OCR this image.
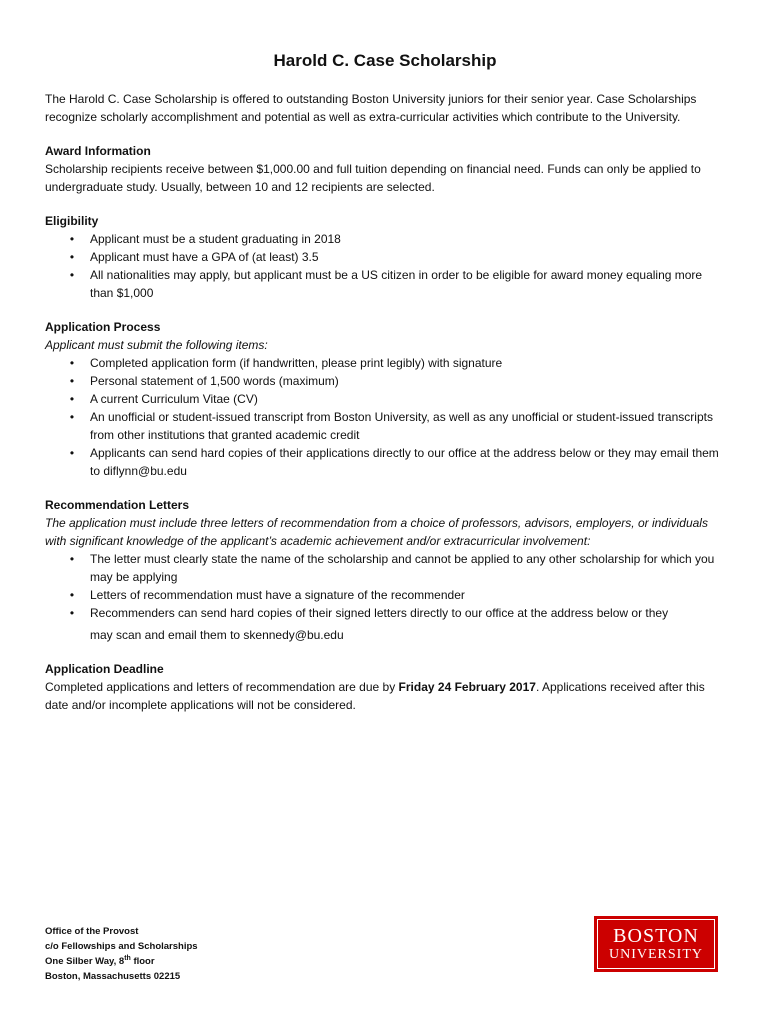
Harold C. Case Scholarship

The Harold C. Case Scholarship is offered to outstanding Boston University juniors for their senior year. Case Scholarships recognize scholarly accomplishment and potential as well as extra-curricular activities which contribute to the University.

Award Information

Scholarship recipients receive between $1,000.00 and full tuition depending on financial need. Funds can only be applied to undergraduate study. Usually, between 10 and 12 recipients are selected.

Eligibility
• Applicant must be a student graduating in 2018
• Applicant must have a GPA of (at least) 3.5
• All nationalities may apply, but applicant must be a US citizen in order to be eligible for award money equaling more than $1,000
Application Process
Applicant must submit the following items:
• Completed application form (if handwritten, please print legibly) with signature
• Personal statement of 1,500 words (maximum)
• A current Curriculum Vitae (CV)
• An unofficial or student-issued transcript from Boston University, as well as any unofficial or student-issued transcripts from other institutions that granted academic credit
• Applicants can send hard copies of their applications directly to our office at the address below or they may email them to diflynn@bu.edu
Recommendation Letters
The application must include three letters of recommendation from a choice of professors, advisors, employers, or individuals with significant knowledge of the applicant’s academic achievement and/or extracurricular involvement:
• The letter must clearly state the name of the scholarship and cannot be applied to any other scholarship for which you may be applying
• Letters of recommendation must have a signature of the recommender
• Recommenders can send hard copies of their signed letters directly to our office at the address below or they
may scan and email them to skennedy@bu.edu
Application Deadline

Completed applications and letters of recommendation are due by Friday 24 February 2017. Applications received after this date and/or incomplete applications will not be considered.

Office of the Provost
c/o Fellowships and Scholarships
One Silber Way, 8th floor
Boston, Massachusetts 02215
BOSTON
UNIVERSITY
